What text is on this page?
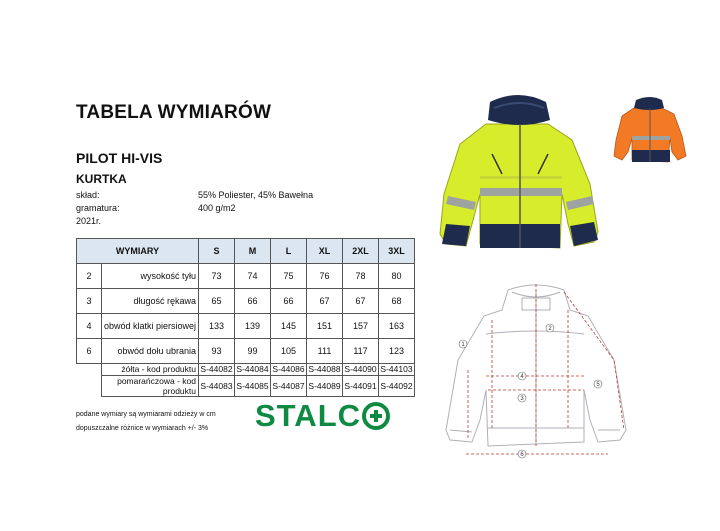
TABELA WYMIARÓW
PILOT HI-VIS
KURTKA
skład:	55% Poliester, 45% Bawełna
gramatura:	400 g/m2
2021r.
WYMIARY		S	M	L	XL	2XL	3XL
2	wysokość tyłu	73	74	75	76	78	80
3	długość rękawa	65	66	66	67	67	68
4	obwód klatki piersiowej	133	139	145	151	157	163
6	obwód dołu ubrania	93	99	105	111	117	123
	żółta - kod produktu	S-44082	S-44084	S-44086	S-44088	S-44090	S-44103
	pomarańczowa - kod produktu	S-44083	S-44085	S-44087	S-44089	S-44091	S-44092
podane wymiary są wymiarami odzieży w cm
dopuszczalne różnice w wymiarach +/- 3% STALC
1
2
4
3
5
6
